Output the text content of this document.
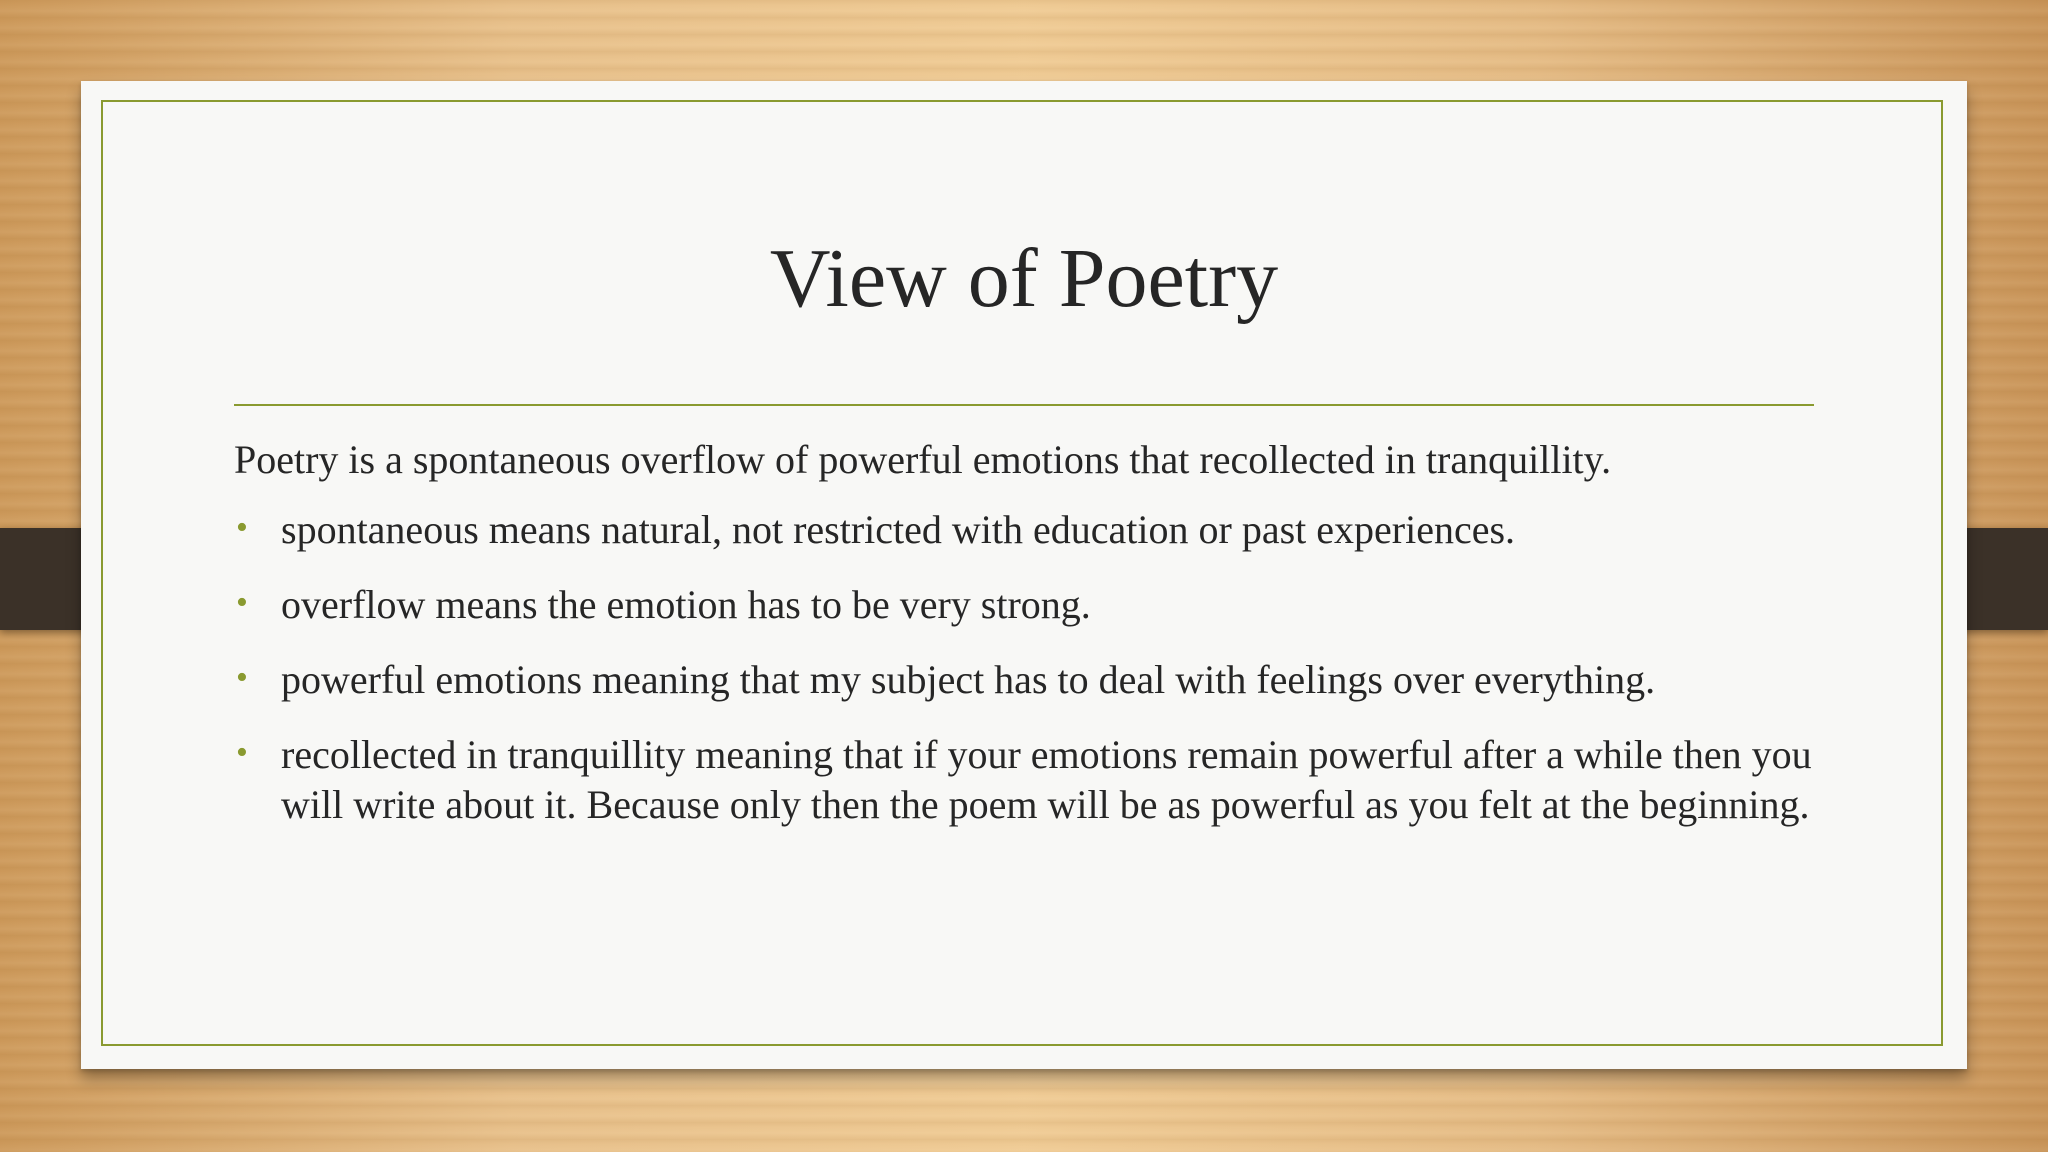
View of Poetry

Poetry is a spontaneous overflow of powerful emotions that recollected in tranquillity.

• spontaneous means natural, not restricted with education or past experiences.
• overflow means the emotion has to be very strong.
• powerful emotions meaning that my subject has to deal with feelings over everything.
• recollected in tranquillity meaning that if your emotions remain powerful after a while then you will write about it. Because only then the poem will be as powerful as you felt at the beginning.
